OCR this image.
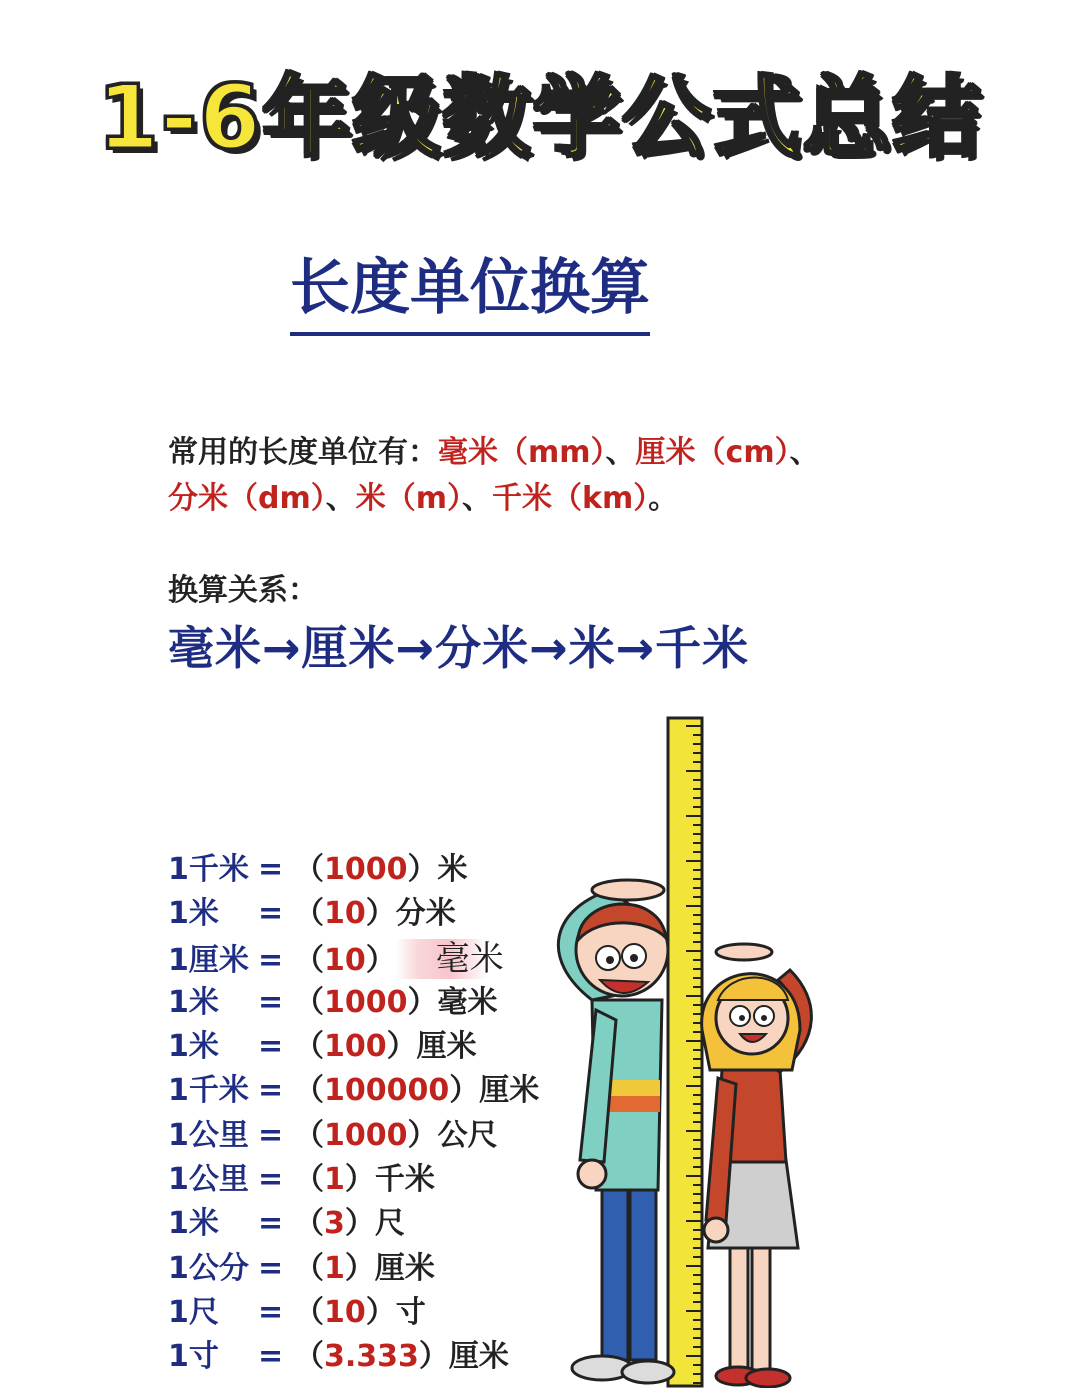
1-6年级数学公式总结
长度单位换算
常用的长度单位有：毫米（mm）、厘米（cm）、
分米（dm）、米（m）、千米（km）。
换算关系：
毫米→厘米→分米→米→千米
1千米 = （1000）米
1米 = （10）分米
1厘米 = （10） 毫米
1米 = （1000）毫米
1米 = （100）厘米
1千米 = （100000）厘米
1公里 = （1000）公尺
1公里 = （1）千米
1米 = （3）尺
1公分 = （1）厘米
1尺 = （10）寸
1寸 = （3.333）厘米
